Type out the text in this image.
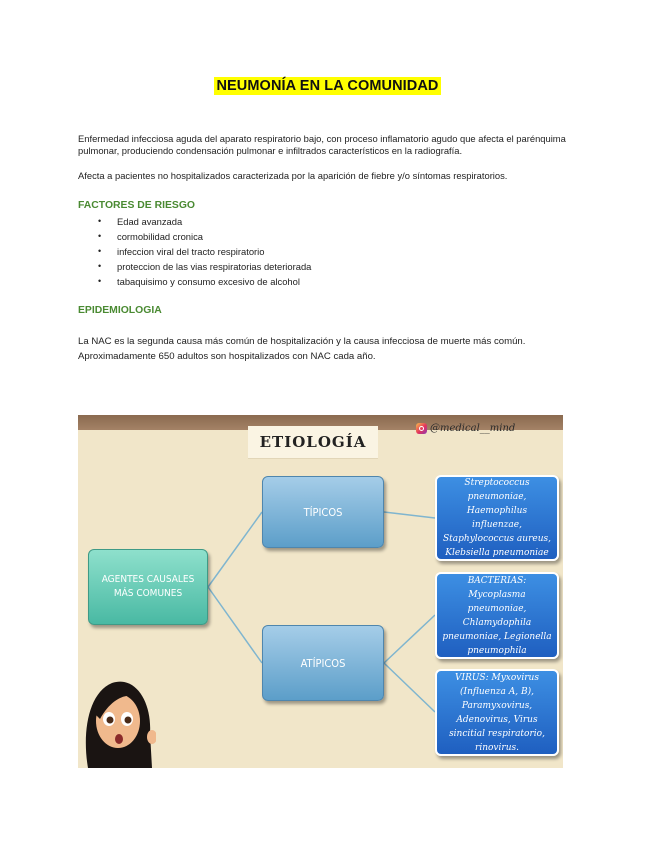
NEUMONÍA EN LA COMUNIDAD

Enfermedad infecciosa aguda del aparato respiratorio bajo, con proceso inflamatorio agudo que afecta el parénquima pulmonar, produciendo condensación pulmonar e infiltrados característicos en la radiografía.

Afecta a pacientes no hospitalizados caracterizada por la aparición de fiebre y/o síntomas respiratorios.

FACTORES DE RIESGO
• Edad avanzada
• cormobilidad cronica
• infeccion viral del tracto respiratorio
• proteccion de las vias respiratorias deteriorada
• tabaquisimo y consumo excesivo de alcohol
EPIDEMIOLOGIA

La NAC es la segunda causa más común de hospitalización y la causa infecciosa de muerte más común. Aproximadamente 650 adultos son hospitalizados con NAC cada año.

ETIOLOGÍA
@medical__mind
AGENTES CAUSALES MÁS COMUNES
TÍPICOS
ATÍPICOS
Streptococcus pneumoniae, Haemophilus influenzae, Staphylococcus aureus, Klebsiella pneumoniae
BACTERIAS: Mycoplasma pneumoniae, Chlamydophila pneumoniae, Legionella pneumophila
VIRUS: Myxovirus (Influenza A, B), Paramyxovirus, Adenovirus, Virus sincitial respiratorio, rinovirus.
